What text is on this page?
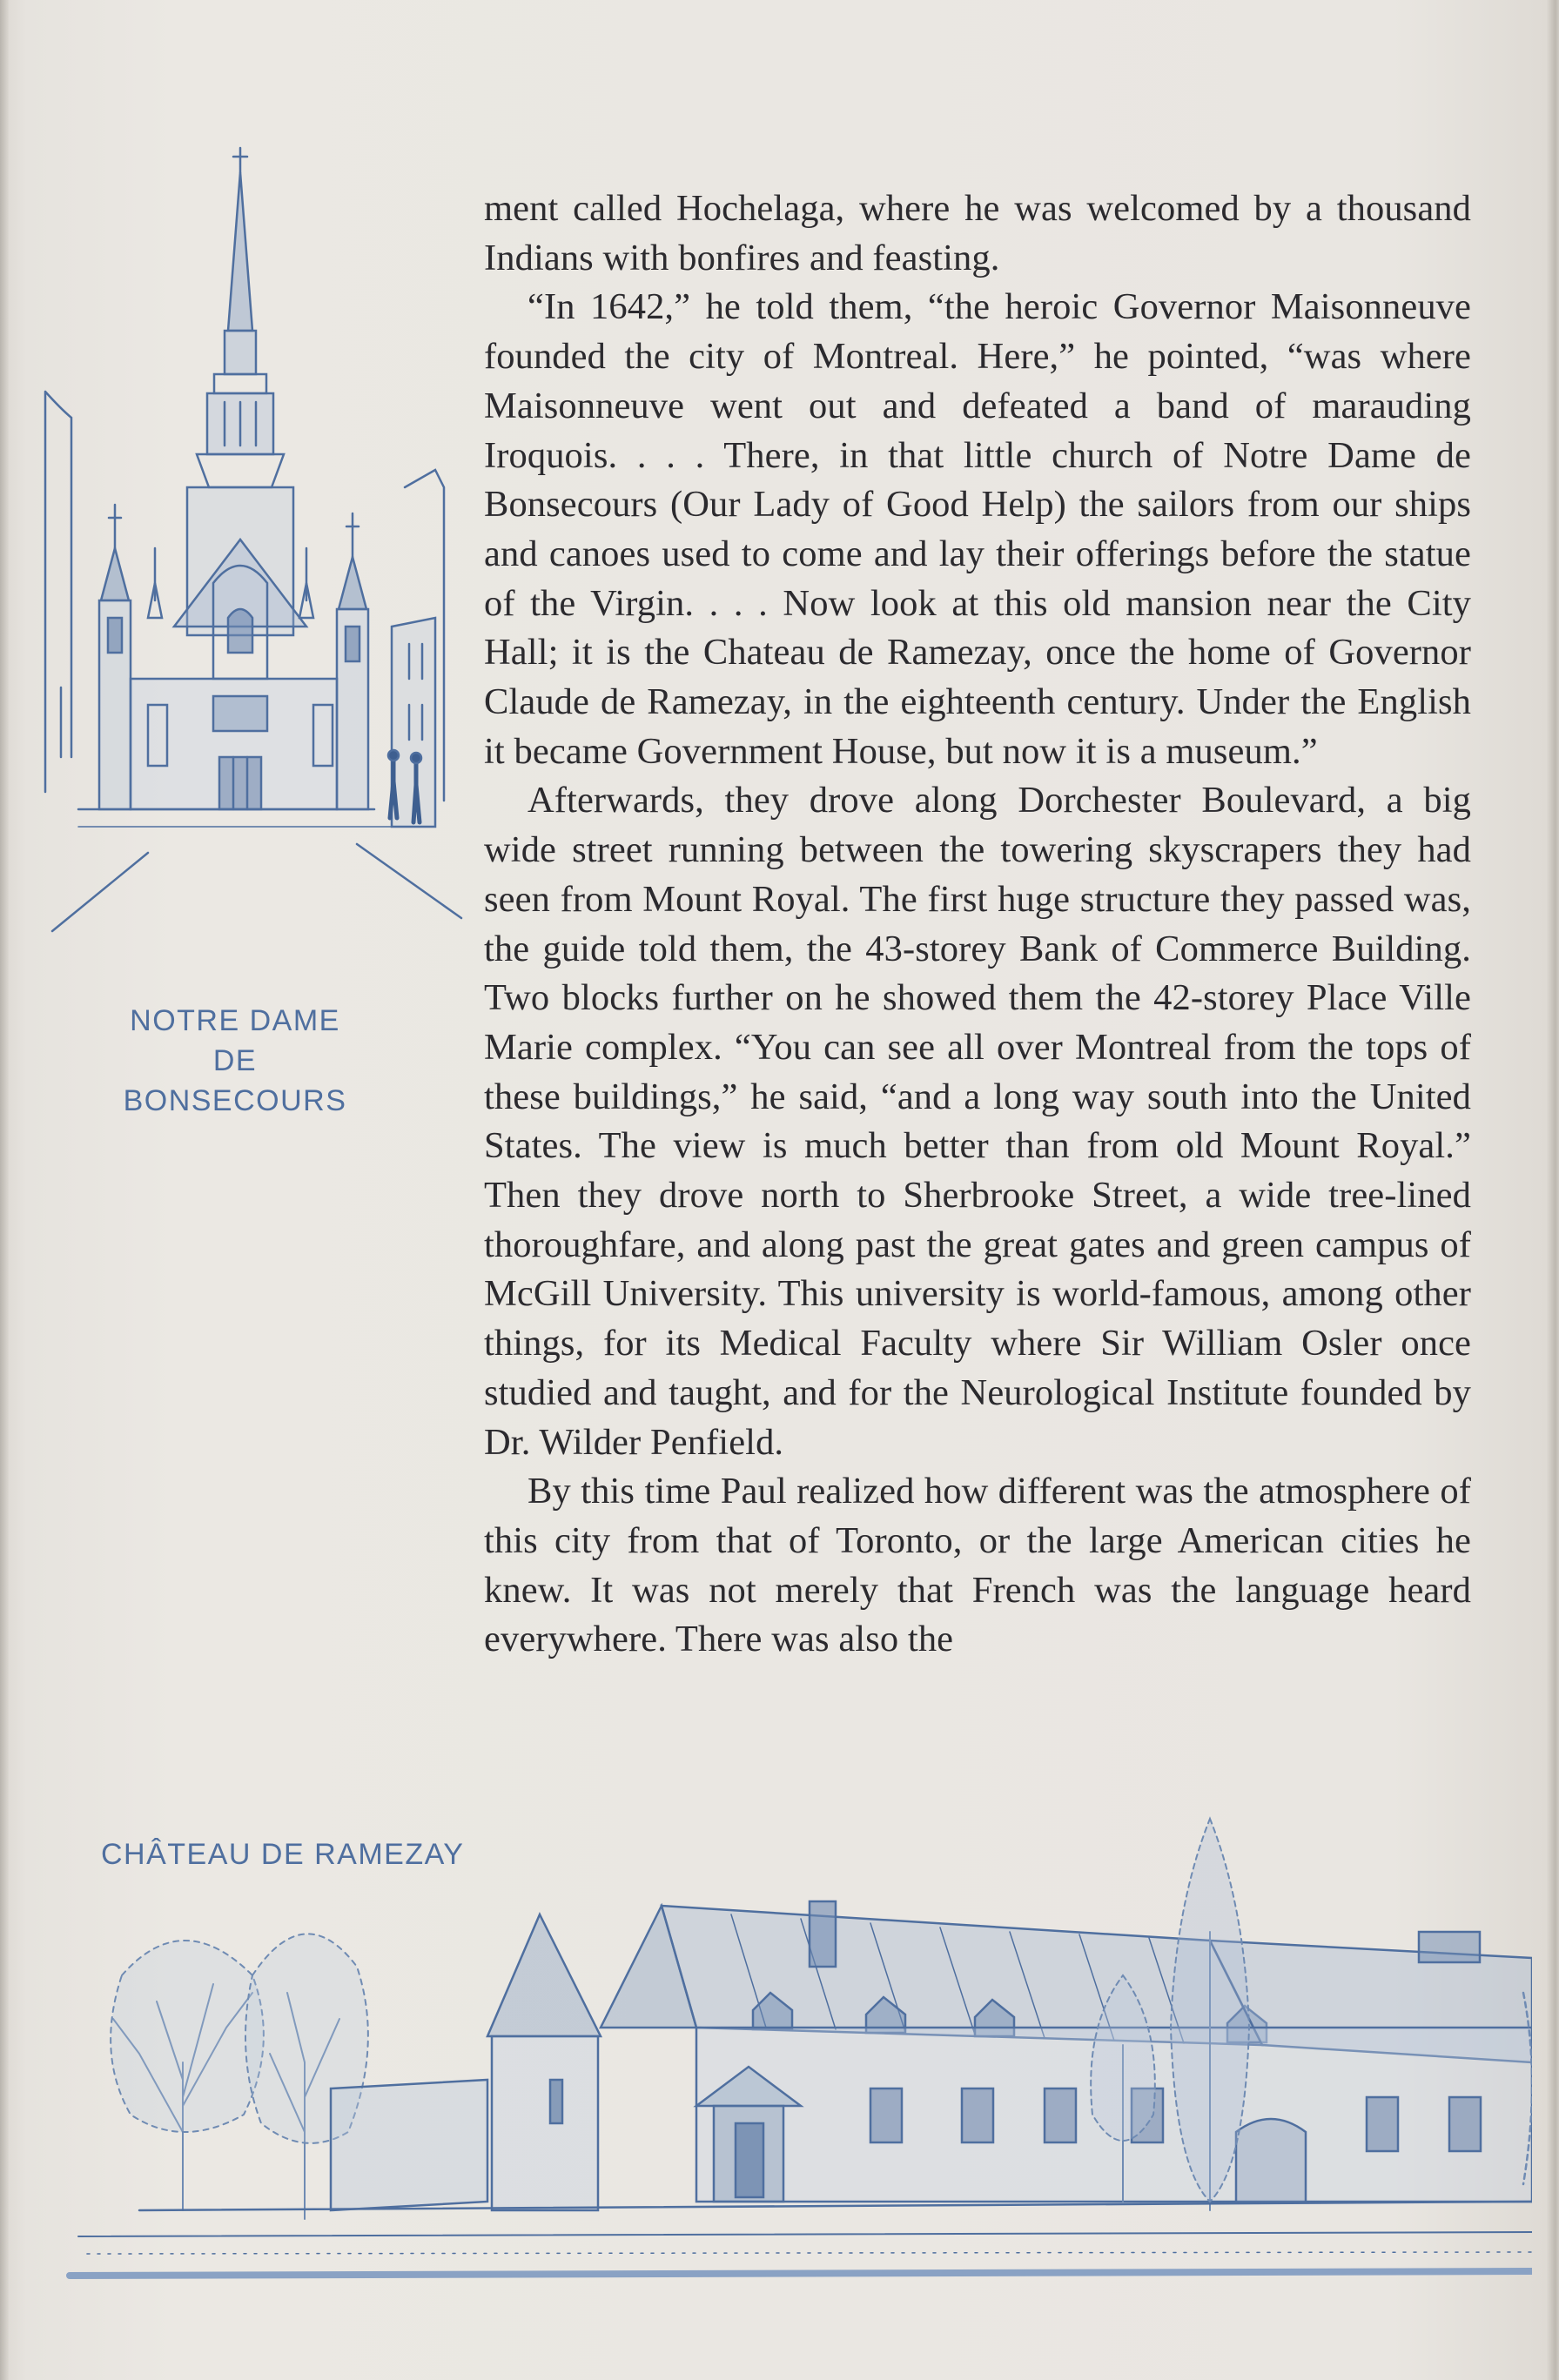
NOTRE DAME
DE
BONSECOURS

ment called Hochelaga, where he was welcomed by a thousand Indians with bonfires and feasting.

“In 1642,” he told them, “the heroic Governor Maisonneuve founded the city of Montreal. Here,” he pointed, “was where Maisonneuve went out and defeated a band of marauding Iroquois. . . . There, in that little church of Notre Dame de Bonsecours (Our Lady of Good Help) the sailors from our ships and canoes used to come and lay their offerings before the statue of the Virgin. . . . Now look at this old mansion near the City Hall; it is the Chateau de Ramezay, once the home of Governor Claude de Ramezay, in the eighteenth century. Under the English it became Government House, but now it is a museum.”

Afterwards, they drove along Dorchester Boulevard, a big wide street running between the towering skyscrapers they had seen from Mount Royal. The first huge structure they passed was, the guide told them, the 43-storey Bank of Commerce Building. Two blocks further on he showed them the 42-storey Place Ville Marie complex. “You can see all over Montreal from the tops of these buildings,” he said, “and a long way south into the United States. The view is much better than from old Mount Royal.” Then they drove north to Sherbrooke Street, a wide tree-lined thoroughfare, and along past the great gates and green campus of McGill University. This university is world-famous, among other things, for its Medical Faculty where Sir William Osler once studied and taught, and for the Neurological Institute founded by Dr. Wilder Penfield.

By this time Paul realized how different was the atmosphere of this city from that of Toronto, or the large American cities he knew. It was not merely that French was the language heard everywhere. There was also the

CHÂTEAU DE RAMEZAY
